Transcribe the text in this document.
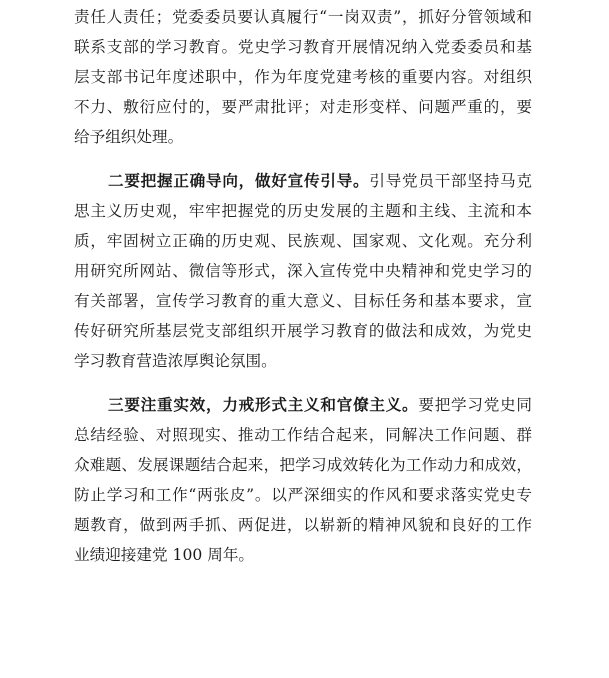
责任人责任；党委委员要认真履行“一岗双责”，抓好分管领域和
联系支部的学习教育。党史学习教育开展情况纳入党委委员和基
层支部书记年度述职中，作为年度党建考核的重要内容。对组织
不力、敷衍应付的，要严肃批评；对走形变样、问题严重的，要
给予组织处理。
二要把握正确导向，做好宣传引导。引导党员干部坚持马克
思主义历史观，牢牢把握党的历史发展的主题和主线、主流和本
质，牢固树立正确的历史观、民族观、国家观、文化观。充分利
用研究所网站、微信等形式，深入宣传党中央精神和党史学习的
有关部署，宣传学习教育的重大意义、目标任务和基本要求，宣
传好研究所基层党支部组织开展学习教育的做法和成效，为党史
学习教育营造浓厚舆论氛围。
三要注重实效，力戒形式主义和官僚主义。要把学习党史同
总结经验、对照现实、推动工作结合起来，同解决工作问题、群
众难题、发展课题结合起来，把学习成效转化为工作动力和成效，
防止学习和工作“两张皮”。以严深细实的作风和要求落实党史专
题教育，做到两手抓、两促进，以崭新的精神风貌和良好的工作
业绩迎接建党 100 周年。
